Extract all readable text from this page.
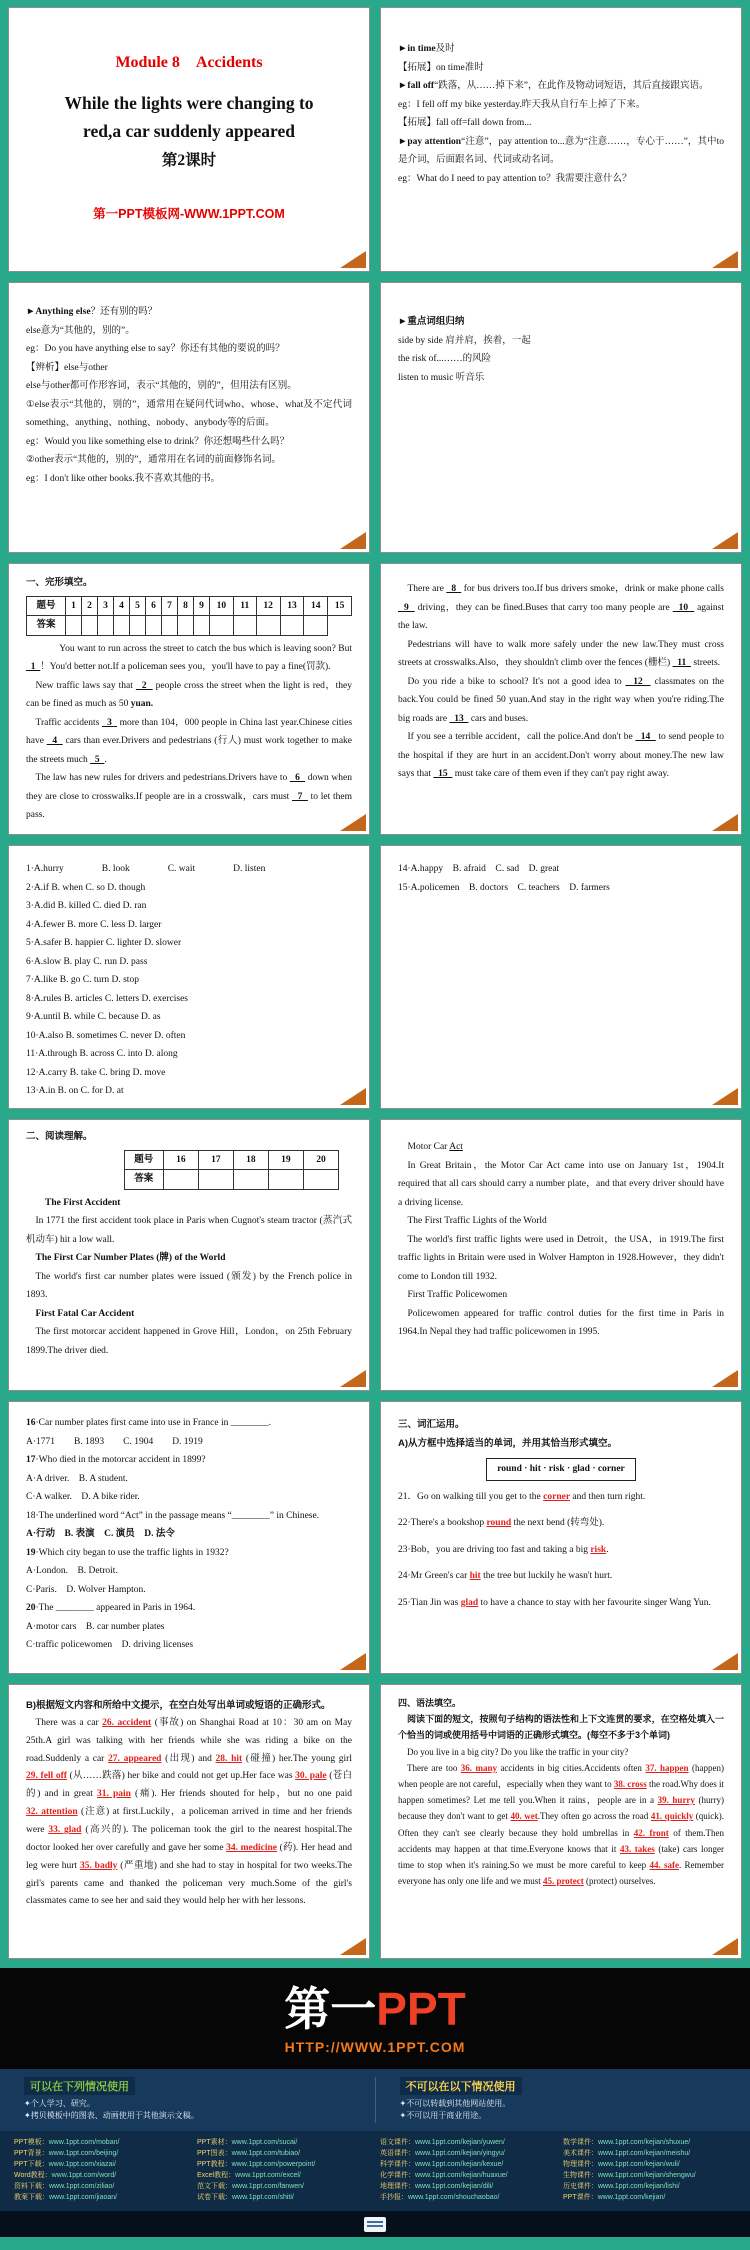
Module 8　Accidents
While the lights were changing to
red,a car suddenly appeared
第2课时
第一PPT模板网-WWW.1PPT.COM
►in time及时
【拓展】on time准时
►fall off“跌落，从……掉下来”，在此作及物动词短语，其后直接跟宾语。
eg：I fell off my bike yesterday.昨天我从自行车上掉了下来。
【拓展】fall off=fall down from...
►pay attention“注意”，pay attention to...意为“注意……，专心于……”，其中to是介词，后面跟名词、代词或动名词。
eg：What do I need to pay attention to？我需要注意什么？
►Anything else？还有别的吗？
else意为“其他的，别的”。
eg：Do you have anything else to say？你还有其他的要说的吗？
【辨析】else与other
else与other都可作形容词，表示“其他的，别的”，但用法有区别。
①else表示“其他的，别的”，通常用在疑问代词who、whose、what及不定代词something、anything、nothing、nobody、anybody等的后面。
eg：Would you like something else to drink？你还想喝些什么吗？
②other表示“其他的，别的”，通常用在名词的前面修饰名词。
eg：I don't like other books.我不喜欢其他的书。
►重点词组归纳
side by side 肩并肩，挨着，一起
the risk of...……的风险
listen to music 听音乐
一、完形填空。
题号	1	2	3	4	5	6	7	8	9	10	11	12	13	14	15
答案															
You want to run across the street to catch the bus which is leaving soon? But   1  ！You'd better not.If a policeman sees you，you'll have to pay a fine(罚款).
New traffic laws say that   2   people cross the street when the light is red，they can be fined as much as 50 yuan.
Traffic accidents   3   more than 104，000 people in China last year.Chinese cities have   4   cars than ever.Drivers and pedestrians (行人) must work together to make the streets much   5  .
The law has new rules for drivers and pedestrians.Drivers have to   6   down when they are close to crosswalks.If people are in a crosswalk，cars must   7   to let them pass.
There are   8   for bus drivers too.If bus drivers smoke，drink or make phone calls   9   driving，they can be fined.Buses that carry too many people are   10   against the law.
Pedestrians will have to walk more safely under the new law.They must cross streets at crosswalks.Also，they shouldn't climb over the fences (栅栏)   11   streets.
Do you ride a bike to school? It's not a good idea to   12   classmates on the back.You could be fined 50 yuan.And stay in the right way when you're riding.The big roads are   13   cars and buses.
If you see a terrible accident，call the police.And don't be   14   to send people to the hospital if they are hurt in an accident.Don't worry about money.The new law says that   15   must take care of them even if they can't pay right away.
1·A.hurry　　　　B. look　　　　C. wait　　　　D. listen
2·A.if B. when C. so D. though
3·A.did B. killed C. died D. ran
4·A.fewer B. more C. less D. larger
5·A.safer B. happier C. lighter D. slower
6·A.slow B. play C. run D. pass
7·A.like B. go C. turn D. stop
8·A.rules B. articles C. letters D. exercises
9·A.until B. while C. because D. as
10·A.also B. sometimes C. never D. often
11·A.through B. across C. into D. along
12·A.carry B. take C. bring D. move
13·A.in B. on C. for D. at
14·A.happy　B. afraid　C. sad　D. great
15·A.policemen　B. doctors　C. teachers　D. farmers
二、阅读理解。
题号	16	17	18	19	20
答案					
The First Accident
In 1771 the first accident took place in Paris when Cugnot's steam tractor (蒸汽式机动车) hit a low wall.
The First Car Number Plates (牌) of the World
The world's first car number plates were issued (颁发) by the French police in 1893.
First Fatal Car Accident
The first motorcar accident happened in Grove Hill，London，on 25th February 1899.The driver died.
Motor Car Act
In Great Britain，the Motor Car Act came into use on January 1st，1904.It required that all cars should carry a number plate，and that every driver should have a driving license.
The First Traffic Lights of the World
The world's first traffic lights were used in Detroit，the USA，in 1919.The first traffic lights in Britain were used in Wolver Hampton in 1928.However，they didn't come to London till 1932.
First Traffic Policewomen
Policewomen appeared for traffic control duties for the first time in Paris in 1964.In Nepal they had traffic policewomen in 1995.
16·Car number plates first came into use in France in ________.
A·1771　　B. 1893　　C. 1904　　D. 1919
17·Who died in the motorcar accident in 1899?
A·A driver.　B. A student.
C·A walker.　D. A bike rider.
18·The underlined word “Act” in the passage means “________” in Chinese.
A·行动　B. 表演　C. 演员　D. 法令
19·Which city began to use the traffic lights in 1932?
A·London.　B. Detroit.
C·Paris.　D. Wolver Hampton.
20·The ________ appeared in Paris in 1964.
A·motor cars　B. car number plates
C·traffic policewomen　D. driving licenses
三、词汇运用。
A)从方框中选择适当的单词，并用其恰当形式填空。
round · hit · risk · glad · corner
21．Go on walking till you get to the corner and then turn right.
22·There's a bookshop round the next bend (转弯处).
23·Bob，you are driving too fast and taking a big risk.
24·Mr Green's car hit the tree but luckily he wasn't hurt.
25·Tian Jin was glad to have a chance to stay with her favourite singer Wang Yun.
B)根据短文内容和所给中文提示，在空白处写出单词或短语的正确形式。
There was a car 26. accident (事故) on Shanghai Road at 10：30 am on May 25th.A girl was talking with her friends while she was riding a bike on the road.Suddenly a car 27. appeared (出现) and 28. hit (碰撞) her.The young girl 29. fell off (从……跌落) her bike and could not get up.Her face was 30. pale (苍白的) and in great 31. pain (痛). Her friends shouted for help，but no one paid 32. attention (注意) at first.Luckily，a policeman arrived in time and her friends were 33. glad (高兴的). The policeman took the girl to the nearest hospital.The doctor looked her over carefully and gave her some 34. medicine (药). Her head and leg were hurt 35. badly (严重地) and she had to stay in hospital for two weeks.The girl's parents came and thanked the policeman very much.Some of the girl's classmates came to see her and said they would help her with her lessons.
四、语法填空。
阅读下面的短文，按照句子结构的语法性和上下文连贯的要求，在空格处填入一个恰当的词或使用括号中词语的正确形式填空。(每空不多于3个单词)
Do you live in a big city? Do you like the traffic in your city?
There are too 36. many accidents in big cities.Accidents often 37. happen (happen) when people are not careful，especially when they want to 38. cross the road.Why does it happen sometimes? Let me tell you.When it rains，people are in a 39. hurry (hurry) because they don't want to get 40. wet.They often go across the road 41. quickly (quick). Often they can't see clearly because they hold umbrellas in 42. front of them.Then accidents may happen at that time.Everyone knows that it 43. takes (take) cars longer time to stop when it's raining.So we must be more careful to keep 44. safe. Remember everyone has only one life and we must 45. protect (protect) ourselves.
第一PPT
HTTP://WWW.1PPT.COM
可以在下列情况使用
✦个人学习、研究。
✦拷贝模板中的图表、动画使用于其他演示文稿。
不可以在以下情况使用
✦不可以转载到其他网站使用。
✦不可以用于商业用途。
PPT模板：www.1ppt.com/moban/
PPT背景：www.1ppt.com/beijing/
PPT下载：www.1ppt.com/xiazai/
Word教程：www.1ppt.com/word/
资料下载：www.1ppt.com/ziliao/
教案下载：www.1ppt.com/jiaoan/
PPT素材：www.1ppt.com/sucai/
PPT图表：www.1ppt.com/tubiao/
PPT教程：www.1ppt.com/powerpoint/
Excel教程：www.1ppt.com/excel/
范文下载：www.1ppt.com/fanwen/
试卷下载：www.1ppt.com/shiti/
语文课件：www.1ppt.com/kejian/yuwen/
英语课件：www.1ppt.com/kejian/yingyu/
科学课件：www.1ppt.com/kejian/kexue/
化学课件：www.1ppt.com/kejian/huaxue/
地理课件：www.1ppt.com/kejian/dili/
手抄报：www.1ppt.com/shouchaobao/
数学课件：www.1ppt.com/kejian/shuxue/
美术课件：www.1ppt.com/kejian/meishu/
物理课件：www.1ppt.com/kejian/wuli/
生物课件：www.1ppt.com/kejian/shengwu/
历史课件：www.1ppt.com/kejian/lishi/
PPT课件：www.1ppt.com/kejian/
